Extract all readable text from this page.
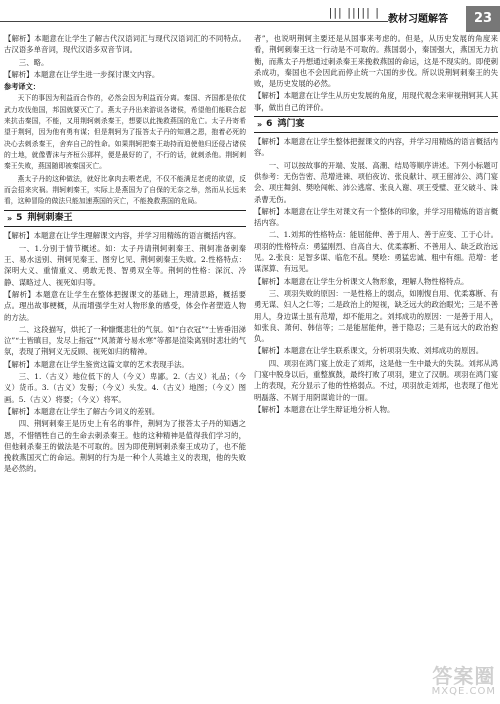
||| ||||| |
教材习题解答	23

【解析】本题意在让学生了解古代汉语词汇与现代汉语词汇的不同特点。古汉语多单音词，现代汉语多双音节词。

三、略。

【解析】本题意在让学生进一步探讨课文内容。

参考译文：

天下的事因为利益而合作的，必然会因为利益而分离。秦国、齐国都是依仗武力攻伐他国，邦国就要灭亡了。燕太子丹出来游说各诸侯，希望他们能联合起来抗击秦国，不能，又用荆轲刺杀秦王，想要以此挽救燕国的危亡。太子丹寄希望于荆轲，因为他有勇有谋；但是荆轲为了报答太子丹的知遇之恩，抱着必死的决心去刺杀秦王，舍弃自己的性命。如果荆轲把秦王劫持而迫使他归还侵占诸侯的土地，就像曹沫与齐桓公那样，便是最好的了，不行的话，就刺杀他。荆轲刺秦王失败，燕国随即被秦国灭亡。

燕太子丹的这种做法，就好比拿肉去喂老虎，不仅不能满足老虎的欲望，反而会招来灾祸。荆轲刺秦王，实际上是燕国为了自保的无奈之举，然而从长远来看，这种冒险的做法只能加速燕国的灭亡，不能挽救燕国的危局。

» 5 荆轲刺秦王

【解析】本题意在让学生理解课文内容，并学习用精练的语言概括内容。

一、1.分别于情节概述。如：太子丹请荆轲刺秦王、荆轲准备刺秦王、易水送别、荆轲见秦王、图穷匕见、荆轲刺秦王失败。2.性格特点：深明大义、重情重义、勇敢无畏、智勇双全等。荆轲的性格：深沉、冷静、谋略过人、视死如归等。

【解析】本题意在让学生在整体把握课文的基础上，理清思路，概括要点。理出故事梗概，从而增强学生对人物形象的感受，体会作者塑造人物的方法。

二、这段描写，烘托了一种慷慨悲壮的气氛。如“白衣冠”“士皆垂泪涕泣”“士皆瞋目，发尽上指冠”“风萧萧兮易水寒”等都是渲染离别时悲壮的气氛，表现了荆轲义无反顾、视死如归的精神。

【解析】本题意在让学生鉴赏这篇文章的艺术表现手法。

三、1.（古义）地位低下的人（今义）卑鄙。2.（古义）礼品；（今义）货币。3.（古义）发髻；（今义）头发。4.（古义）地图；（今义）图画。5.（古义）将要；（今义）将军。

【解析】本题意在让学生了解古今词义的差别。

四、荆轲刺秦王是历史上有名的事件，荆轲为了报答太子丹的知遇之恩，不惜牺牲自己的生命去刺杀秦王。他的这种精神是值得我们学习的，但他刺杀秦王的做法是不可取的。因为即使荆轲刺杀秦王成功了，也不能挽救燕国灭亡的命运。荆轲的行为是一种个人英雄主义的表现，他的失败是必然的。

者”，也说明荆轲主要还是从国事来考虑的。但是，从历史发展的角度来看，荆轲刺秦王这一行动是不可取的。燕国弱小，秦国强大，燕国无力抗衡，而燕太子丹想通过刺杀秦王来挽救燕国的命运，这是不现实的。即使刺杀成功，秦国也不会因此而停止统一六国的步伐。所以说荆轲刺秦王的失败，是历史发展的必然。

【解析】本题意在让学生从历史发展的角度，用现代观念来审视荆轲其人其事，做出自己的评价。

» 6 鸿门宴

【解析】本题意在让学生整体把握课文的内容，并学习用精炼的语言概括内容。

一、可以按故事的开端、发展、高潮、结局等顺序讲述。下列小标题可供参考：无伤告密、范增进谏、项伯夜访、张良献计、项王留沛公、鸿门宴会、项庄舞剑、樊哙闯帐、沛公逃席、张良入谢、项王受璧、亚父破斗、诛杀曹无伤。

【解析】本题意在让学生对课文有一个整体的印象，并学习用精炼的语言概括内容。

二、1.刘邦的性格特点：能屈能伸、善于用人、善于应变、工于心计。项羽的性格特点：勇猛刚烈、自高自大、优柔寡断、不善用人、缺乏政治远见。2.张良：足智多谋、临危不乱。樊哙：勇猛忠诚、粗中有细。范增：老谋深算、有远见。

【解析】本题意在让学生分析课文人物形象，理解人物性格特点。

三、项羽失败的原因：一是性格上的弱点，如刚愎自用、优柔寡断、有勇无谋、妇人之仁等；二是政治上的短视，缺乏远大的政治眼光；三是不善用人，身边谋士虽有范增，却不能用之。刘邦成功的原因：一是善于用人，如张良、萧何、韩信等；二是能屈能伸，善于隐忍；三是有远大的政治抱负。

【解析】本题意在让学生联系课文，分析项羽失败、刘邦成功的原因。

四、项羽在鸿门宴上放走了刘邦，这是他一生中最大的失误。刘邦从鸿门宴中脱身以后，重整旗鼓，最终打败了项羽，建立了汉朝。项羽在鸿门宴上的表现，充分显示了他的性格弱点。不过，项羽放走刘邦，也表现了他光明磊落、不屑于用阴谋诡计的一面。

【解析】本题意在让学生辩证地分析人物。

答案圈
MXQE.COM
